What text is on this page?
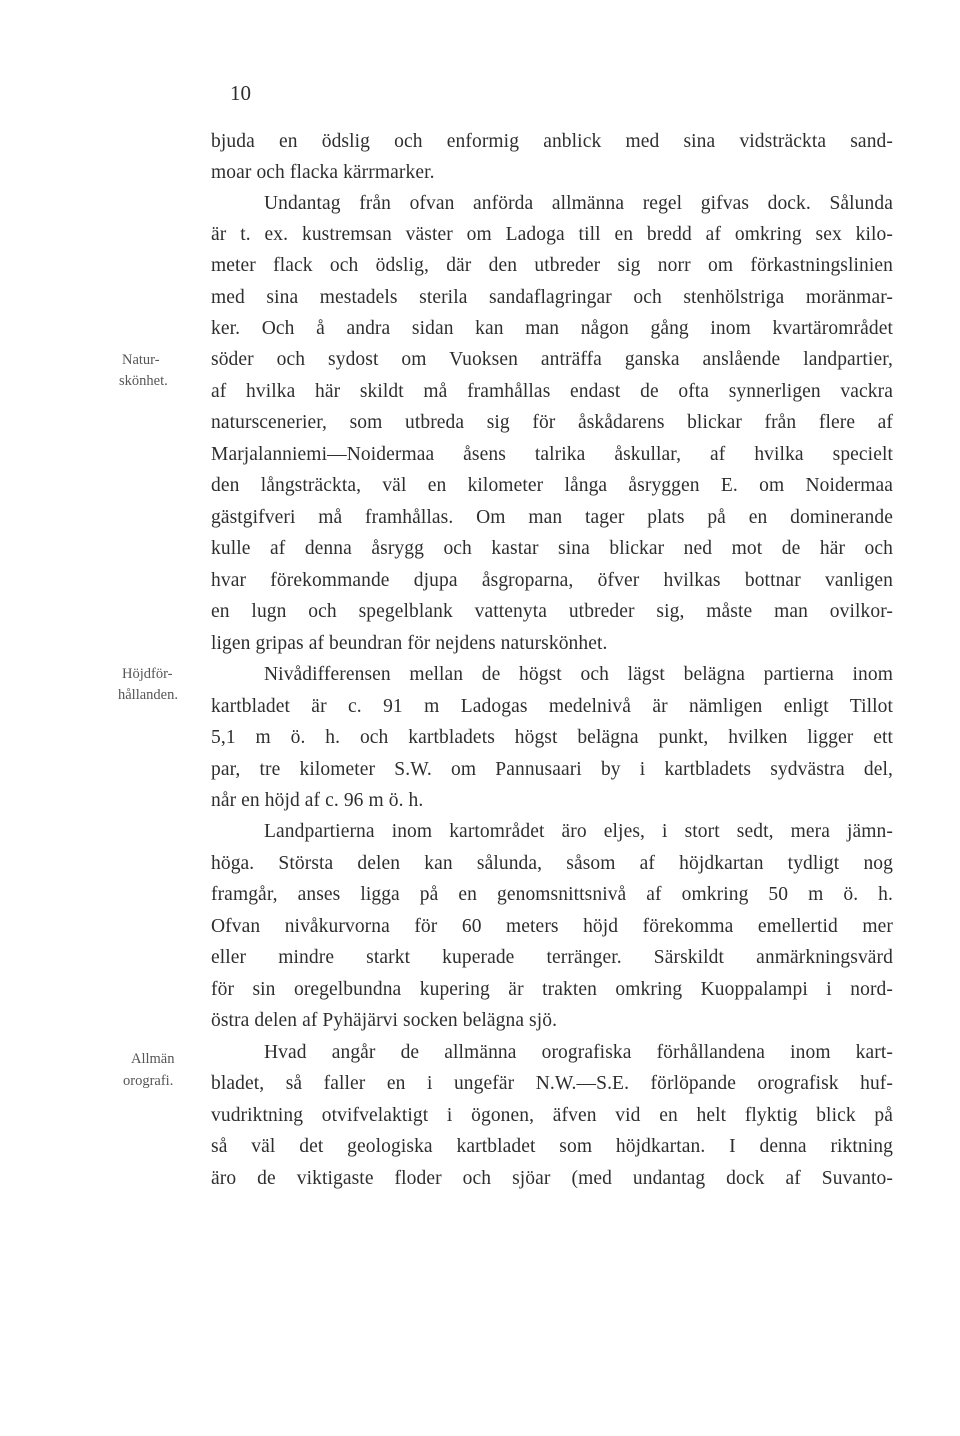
10
bjuda en ödslig och enformig anblick med sina vidsträckta sand-
moar och flacka kärrmarker.
Undantag från ofvan anförda allmänna regel gifvas dock. Sålunda
är t. ex. kustremsan väster om Ladoga till en bredd af omkring sex kilo-
meter flack och ödslig, där den utbreder sig norr om förkastningslinien
med sina mestadels sterila sandaflagringar och stenhölstriga moränmar-
ker. Och å andra sidan kan man någon gång inom kvartärområdet
söder och sydost om Vuoksen anträffa ganska anslående landpartier,
af hvilka här skildt må framhållas endast de ofta synnerligen vackra
naturscenerier, som utbreda sig för åskådarens blickar från flere af
Marjalanniemi—Noidermaa åsens talrika åskullar, af hvilka specielt
den långsträckta, väl en kilometer långa åsryggen E. om Noidermaa
gästgifveri må framhållas. Om man tager plats på en dominerande
kulle af denna åsrygg och kastar sina blickar ned mot de här och
hvar förekommande djupa åsgroparna, öfver hvilkas bottnar vanligen
en lugn och spegelblank vattenyta utbreder sig, måste man ovilkor-
ligen gripas af beundran för nejdens naturskönhet.
Nivådifferensen mellan de högst och lägst belägna partierna inom
kartbladet är c. 91 m Ladogas medelnivå är nämligen enligt Tillot
5,1 m ö. h. och kartbladets högst belägna punkt, hvilken ligger ett
par, tre kilometer S.W. om Pannusaari by i kartbladets sydvästra del,
når en höjd af c. 96 m ö. h.
Landpartierna inom kartområdet äro eljes, i stort sedt, mera jämn-
höga. Största delen kan sålunda, såsom af höjdkartan tydligt nog
framgår, anses ligga på en genomsnittsnivå af omkring 50 m ö. h.
Ofvan nivåkurvorna för 60 meters höjd förekomma emellertid mer
eller mindre starkt kuperade terränger. Särskildt anmärkningsvärd
för sin oregelbundna kupering är trakten omkring Kuoppalampi i nord-
östra delen af Pyhäjärvi socken belägna sjö.
Hvad angår de allmänna orografiska förhållandena inom kart-
bladet, så faller en i ungefär N.W.—S.E. förlöpande orografisk huf-
vudriktning otvifvelaktigt i ögonen, äfven vid en helt flyktig blick på
så väl det geologiska kartbladet som höjdkartan. I denna riktning
äro de viktigaste floder och sjöar (med undantag dock af Suvanto-
Natur-
skönhet.
Höjdför-
hållanden.
Allmän
orografi.
